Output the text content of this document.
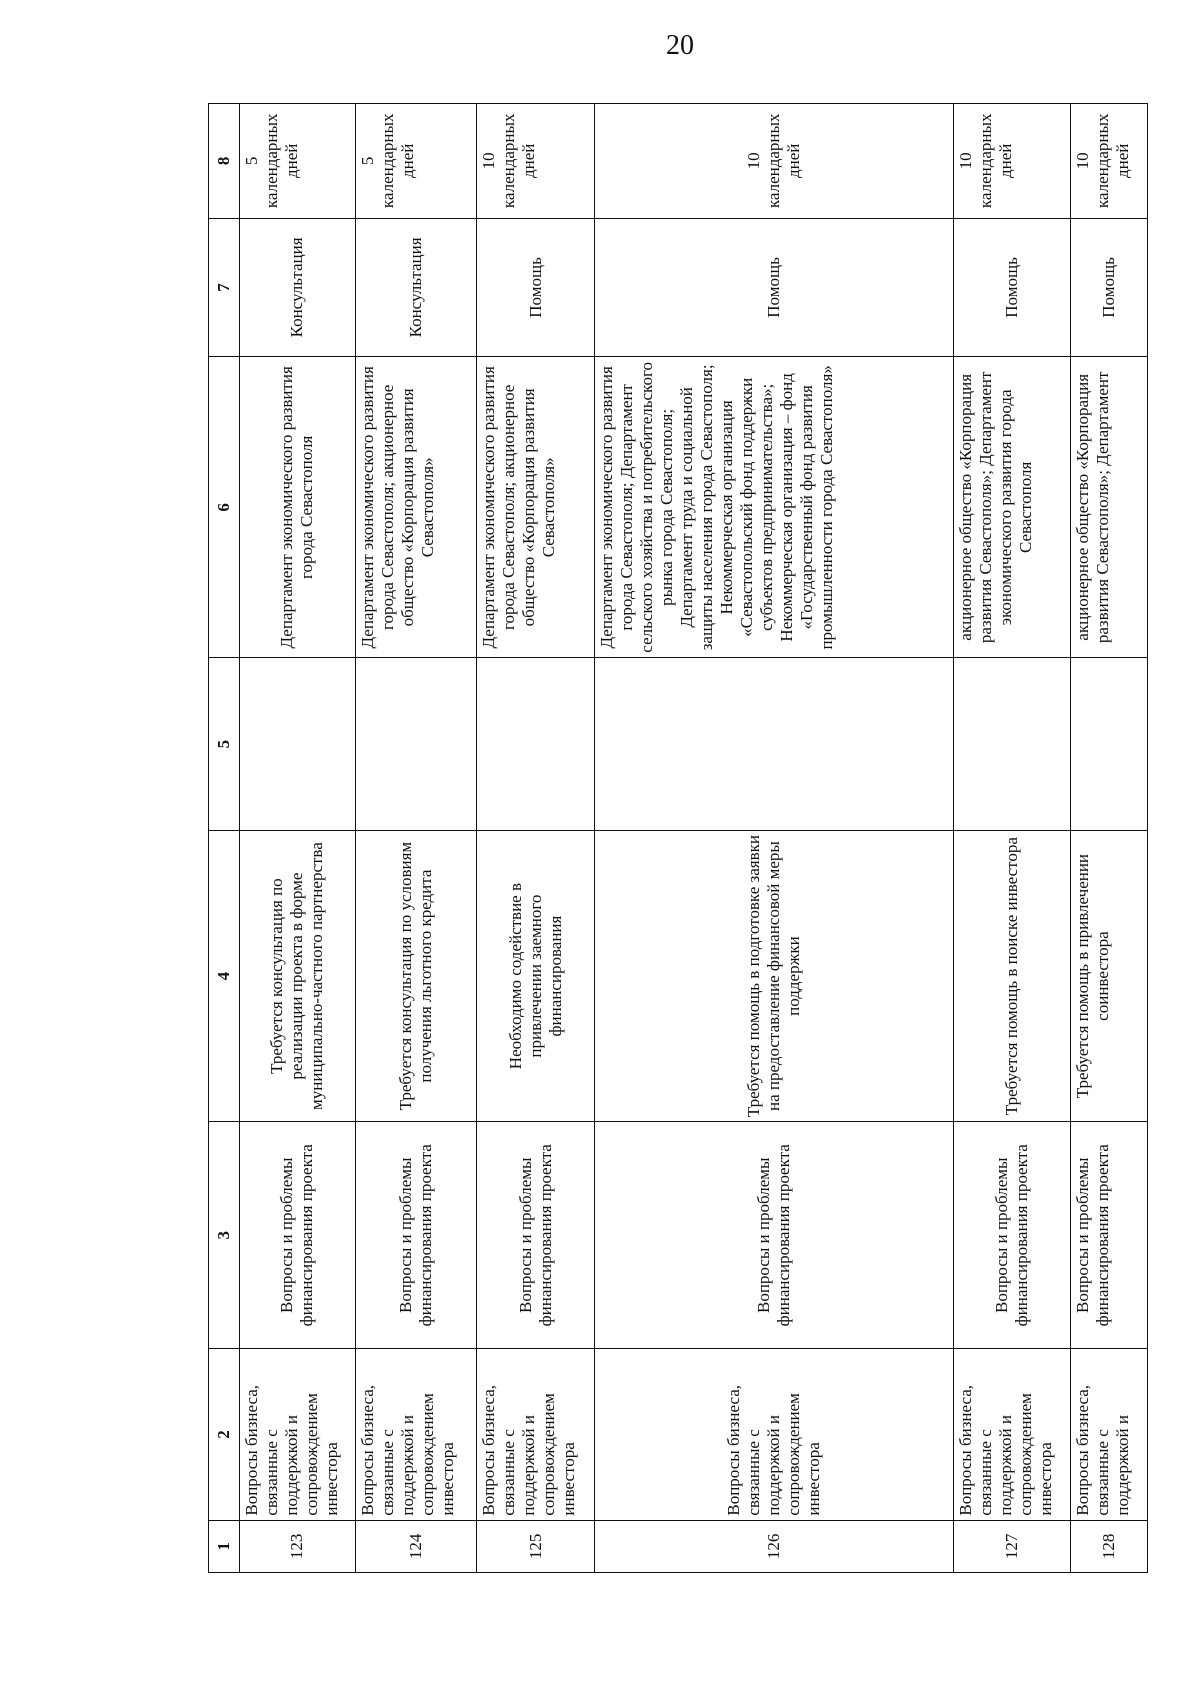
20
1	2	3	4	5	6	7	8
123	Вопросы бизнеса, связанные с поддержкой и сопровождением инвестора	Вопросы и проблемы финансирования проекта	Требуется консультация по реализации проекта в форме муниципально-частного партнерства		Департамент экономического развития города Севастополя	Консультация	5 календарных дней
124	Вопросы бизнеса, связанные с поддержкой и сопровождением инвестора	Вопросы и проблемы финансирования проекта	Требуется консультация по условиям получения льготного кредита		Департамент экономического развития города Севастополя; акционерное общество «Корпорация развития Севастополя»	Консультация	5 календарных дней
125	Вопросы бизнеса, связанные с поддержкой и сопровождением инвестора	Вопросы и проблемы финансирования проекта	Необходимо содействие в привлечении заемного финансирования		Департамент экономического развития города Севастополя; акционерное общество «Корпорация развития Севастополя»	Помощь	10 календарных дней
126	Вопросы бизнеса, связанные с поддержкой и сопровождением инвестора	Вопросы и проблемы финансирования проекта	Требуется помощь в подготовке заявки на предоставление финансовой меры поддержки		Департамент экономического развития города Севастополя; Департамент сельского хозяйства и потребительского рынка города Севастополя; Департамент труда и социальной защиты населения города Севастополя; Некоммерческая организация «Севастопольский фонд поддержки субъектов предпринимательства»; Некоммерческая организация – фонд «Государственный фонд развития промышленности города Севастополя»	Помощь	10 календарных дней
127	Вопросы бизнеса, связанные с поддержкой и сопровождением инвестора	Вопросы и проблемы финансирования проекта	Требуется помощь в поиске инвестора		акционерное общество «Корпорация развития Севастополя»; Департамент экономического развития города Севастополя	Помощь	10 календарных дней
128	Вопросы бизнеса, связанные с поддержкой и	Вопросы и проблемы финансирования проекта	Требуется помощь в привлечении соинвестора		акционерное общество «Корпорация развития Севастополя»; Департамент	Помощь	10 календарных дней
